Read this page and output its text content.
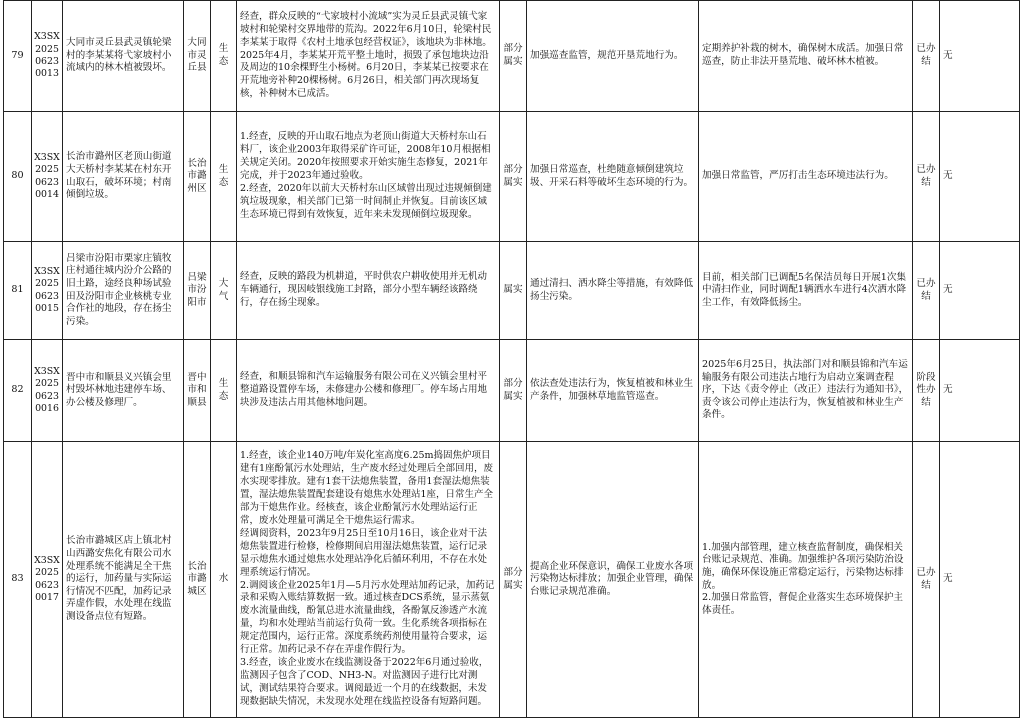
79	X3SX202506230013	大同市灵丘县武灵镇轮梁村的李某某将弋家坡村小流域内的林木植被毁坏。	大同市灵丘县	生态	经查，群众反映的“弋家坡村小流域”实为灵丘县武灵镇弋家坡村和轮梁村交界地带的荒沟。2022年6月10日，轮梁村民李某某于取得《农村土地承包经营权证》，该地块为非林地。2025年4月，李某某开荒平整土地时，损毁了承包地块边沿及周边的10余棵野生小杨树。6月20日，李某某已按要求在开荒地旁补种20棵杨树。6月26日，相关部门再次现场复核，补种树木已成活。	部分属实	加强巡查监管，规范开垦荒地行为。	定期养护补栽的树木，确保树木成活。加强日常巡查，防止非法开垦荒地、破坏林木植被。	已办结	无
80	X3SX202506230014	长治市潞州区老顶山街道大天桥村李某某在村东开山取石，破坏环境；村南倾倒垃圾。	长治市潞州区	生态	1.经查，反映的开山取石地点为老顶山街道大天桥村东山石料厂，该企业2003年取得采矿许可证，2008年10月根据相关规定关闭。2020年按照要求开始实施生态修复，2021年完成，并于2023年通过验收。
2.经查，2020年以前大天桥村东山区域曾出现过违规倾倒建筑垃圾现象，相关部门已第一时间制止并恢复。目前该区域生态环境已得到有效恢复，近年来未发现倾倒垃圾现象。	部分属实	加强日常巡查，杜绝随意倾倒建筑垃圾、开采石料等破坏生态环境的行为。	加强日常监管，严厉打击生态环境违法行为。	已办结	无
81	X3SX202506230015	吕梁市汾阳市栗家庄镇牧庄村通往城内汾介公路的旧土路，途经良种场试验田及汾阳市企业核桃专业合作社的地段，存在扬尘污染。	吕梁市汾阳市	大气	经查，反映的路段为机耕道，平时供农户耕收使用并无机动车辆通行，现因岐银线施工封路，部分小型车辆经该路绕行，存在扬尘现象。	属实	通过清扫、洒水降尘等措施，有效降低扬尘污染。	目前，相关部门已调配5名保洁员每日开展1次集中清扫作业，同时调配1辆洒水车进行4次洒水降尘工作，有效降低扬尘。	已办结	无
82	X3SX202506230016	晋中市和顺县义兴镇会里村毁坏林地违建停车场、办公楼及修理厂。	晋中市和顺县	生态	经查，和顺县锦和汽车运输服务有限公司在义兴镇会里村平整道路设置停车场，未修建办公楼和修理厂。停车场占用地块涉及违法占用其他林地问题。	部分属实	依法查处违法行为，恢复植被和林业生产条件，加强林草地监管巡查。	2025年6月25日，执法部门对和顺县锦和汽车运输服务有限公司违法占地行为启动立案调查程序，下达《责令停止（改正）违法行为通知书》，责令该公司停止违法行为，恢复植被和林业生产条件。	阶段性办结	无
83	X3SX202506230017	长治市潞城区店上镇北村山西潞安焦化有限公司水处理系统不能满足全干焦的运行，加药量与实际运行情况不匹配，加药记录弄虚作假，水处理在线监测设备点位有短路。	长治市潞城区	水	1.经查，该企业140万吨/年炭化室高度6.25m捣固焦炉项目建有1座酚氰污水处理站，生产废水经过处理后全部回用，废水实现零排放。建有1套干法熄焦装置，备用1套湿法熄焦装置，湿法熄焦装置配套建设有熄焦水处理站1座，日常生产全部为干熄焦作业。经核查，该企业酚氰污水处理站运行正常，废水处理量可满足全干熄焦运行需求。
经调阅资料，2023年9月25日至10月16日，该企业对干法熄焦装置进行检修，检修期间启用湿法熄焦装置，运行记录显示熄焦水通过熄焦水处理站净化后循环利用，不存在水处理系统运行情况。
2.调阅该企业2025年1月—5月污水处理站加药记录，加药记录和采购入账结算数据一致。通过核查DCS系统，显示蒸氨废水流量曲线，酚氰总进水流量曲线，各酚氰反渗透产水流量，均和水处理站当前运行负荷一致。生化系统各项指标在规定范围内，运行正常。深度系统药剂使用量符合要求，运行正常。加药记录不存在弄虚作假行为。
3.经查，该企业废水在线监测设备于2022年6月通过验收，监测因子包含了COD、NH3-N。对监测因子进行比对测试，测试结果符合要求。调阅最近一个月的在线数据，未发现数据缺失情况，未发现水处理在线监控设备有短路问题。	部分属实	提高企业环保意识，确保工业废水各项污染物达标排放；加强企业管理，确保台账记录规范准确。	1.加强内部管理，建立核查监督制度，确保相关台账记录规范、准确。加强维护各项污染防治设施，确保环保设施正常稳定运行，污染物达标排放。
2.加强日常监管，督促企业落实生态环境保护主体责任。	已办结	无
